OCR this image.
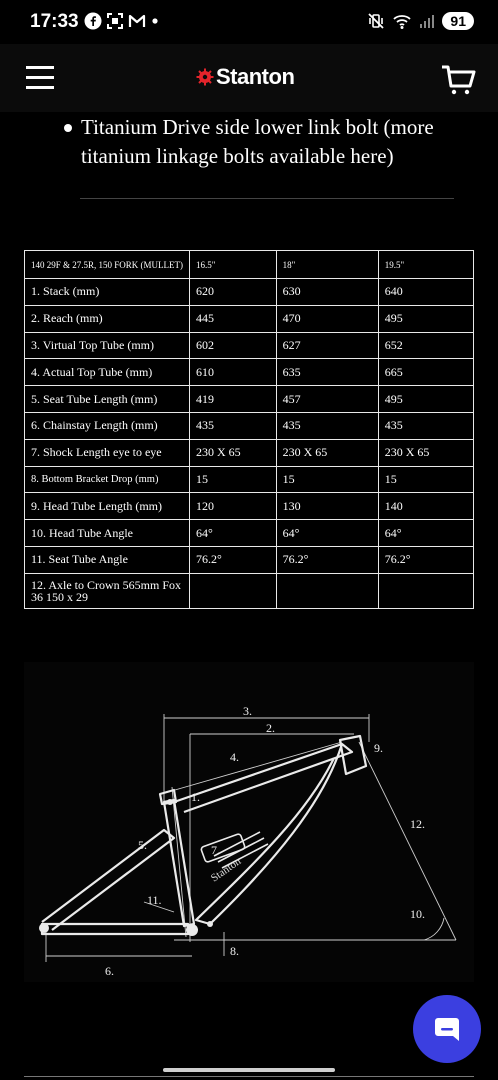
17:33	91
Stanton
Titanium Drive side lower link bolt (more titanium linkage bolts available here)
140 29F & 27.5R, 150 FORK (MULLET)	16.5"	18"	19.5"
1. Stack (mm)	620	630	640
2. Reach (mm)	445	470	495
3. Virtual Top Tube (mm)	602	627	652
4. Actual Top Tube (mm)	610	635	665
5. Seat Tube Length (mm)	419	457	495
6. Chainstay Length (mm)	435	435	435
7. Shock Length eye to eye	230 X 65	230 X 65	230 X 65
8. Bottom Bracket Drop (mm)	15	15	15
9. Head Tube Length (mm)	120	130	140
10. Head Tube Angle	64°	64°	64°
11. Seat Tube Angle	76.2°	76.2°	76.2°
12. Axle to Crown 565mm Fox 36 150 x 29			
Stanton
1.
2.
3.
4.
5.
6.
7.
8.
9.
10.
11.
12.
